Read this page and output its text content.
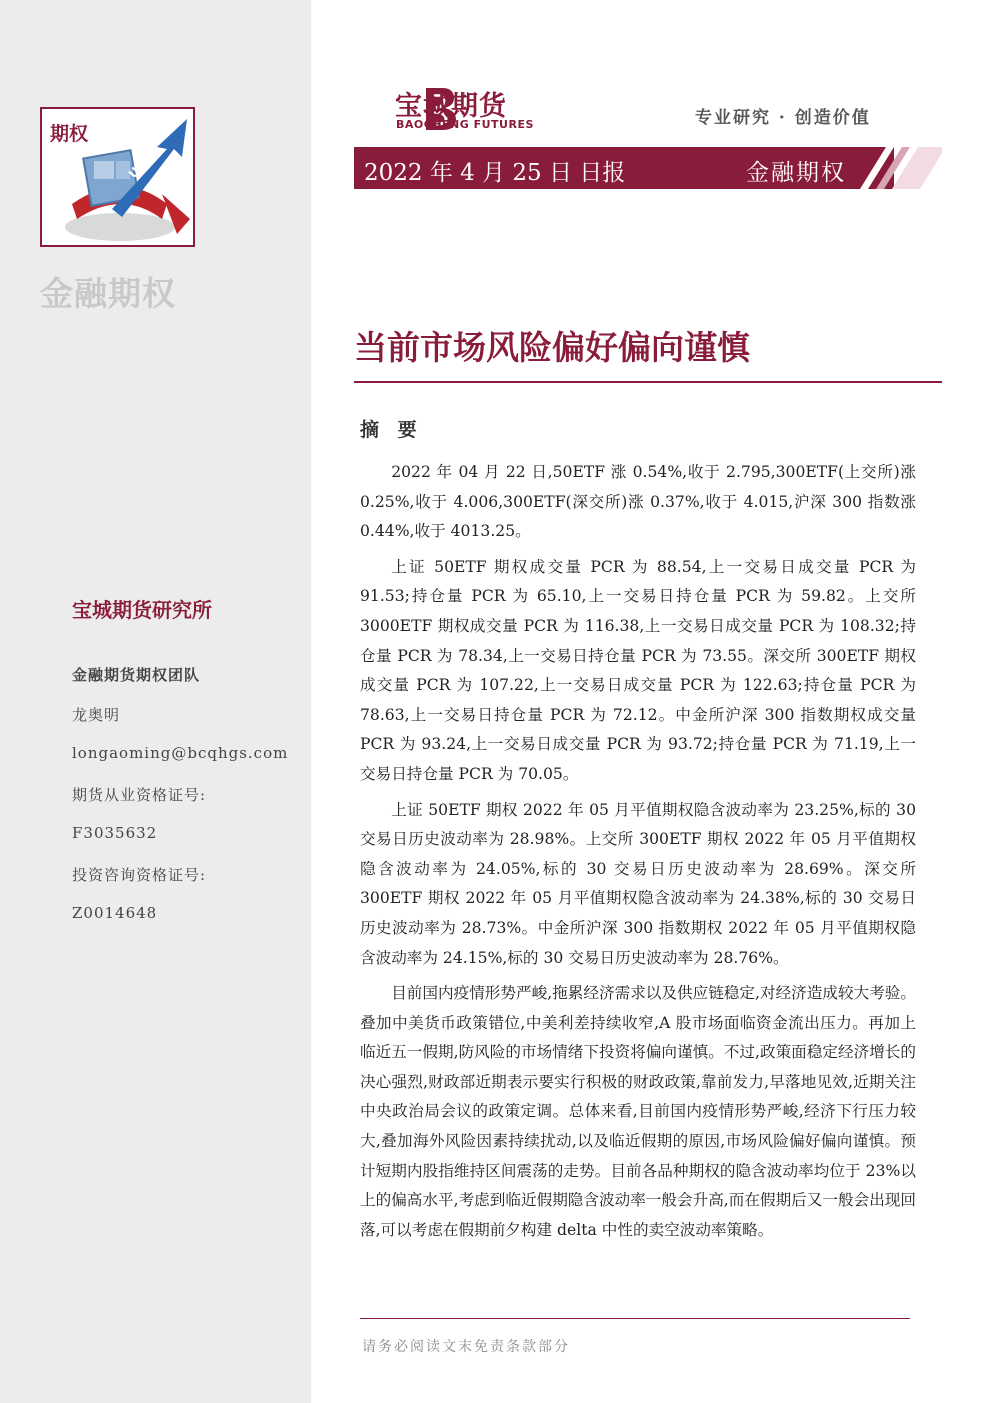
UP
期权
金融期权
宝城期货研究所
金融期货期权团队
龙奥明
longaoming@bcqhgs.com
期货从业资格证号:
F3035632
投资咨询资格证号:
Z0014648
宝城期货
BAOCHENG FUTURES	专业研究 · 创造价值
2022 年 4 月 25 日 日报	金融期权
当前市场风险偏好偏向谨慎
摘 要

2022 年 04 月 22 日,50ETF 涨 0.54%,收于 2.795,300ETF(上交所)涨 0.25%,收于 4.006,300ETF(深交所)涨 0.37%,收于 4.015,沪深 300 指数涨 0.44%,收于 4013.25。

上证 50ETF 期权成交量 PCR 为 88.54,上一交易日成交量 PCR 为 91.53;持仓量 PCR 为 65.10,上一交易日持仓量 PCR 为 59.82。上交所 3000ETF 期权成交量 PCR 为 116.38,上一交易日成交量 PCR 为 108.32;持仓量 PCR 为 78.34,上一交易日持仓量 PCR 为 73.55。深交所 300ETF 期权成交量 PCR 为 107.22,上一交易日成交量 PCR 为 122.63;持仓量 PCR 为 78.63,上一交易日持仓量 PCR 为 72.12。中金所沪深 300 指数期权成交量 PCR 为 93.24,上一交易日成交量 PCR 为 93.72;持仓量 PCR 为 71.19,上一交易日持仓量 PCR 为 70.05。

上证 50ETF 期权 2022 年 05 月平值期权隐含波动率为 23.25%,标的 30 交易日历史波动率为 28.98%。上交所 300ETF 期权 2022 年 05 月平值期权隐含波动率为 24.05%,标的 30 交易日历史波动率为 28.69%。深交所 300ETF 期权 2022 年 05 月平值期权隐含波动率为 24.38%,标的 30 交易日历史波动率为 28.73%。中金所沪深 300 指数期权 2022 年 05 月平值期权隐含波动率为 24.15%,标的 30 交易日历史波动率为 28.76%。

目前国内疫情形势严峻,拖累经济需求以及供应链稳定,对经济造成较大考验。叠加中美货币政策错位,中美利差持续收窄,A 股市场面临资金流出压力。再加上临近五一假期,防风险的市场情绪下投资将偏向谨慎。不过,政策面稳定经济增长的决心强烈,财政部近期表示要实行积极的财政政策,靠前发力,早落地见效,近期关注中央政治局会议的政策定调。总体来看,目前国内疫情形势严峻,经济下行压力较大,叠加海外风险因素持续扰动,以及临近假期的原因,市场风险偏好偏向谨慎。预计短期内股指维持区间震荡的走势。目前各品种期权的隐含波动率均位于 23%以上的偏高水平,考虑到临近假期隐含波动率一般会升高,而在假期后又一般会出现回落,可以考虑在假期前夕构建 delta 中性的卖空波动率策略。

请务必阅读文末免责条款部分
